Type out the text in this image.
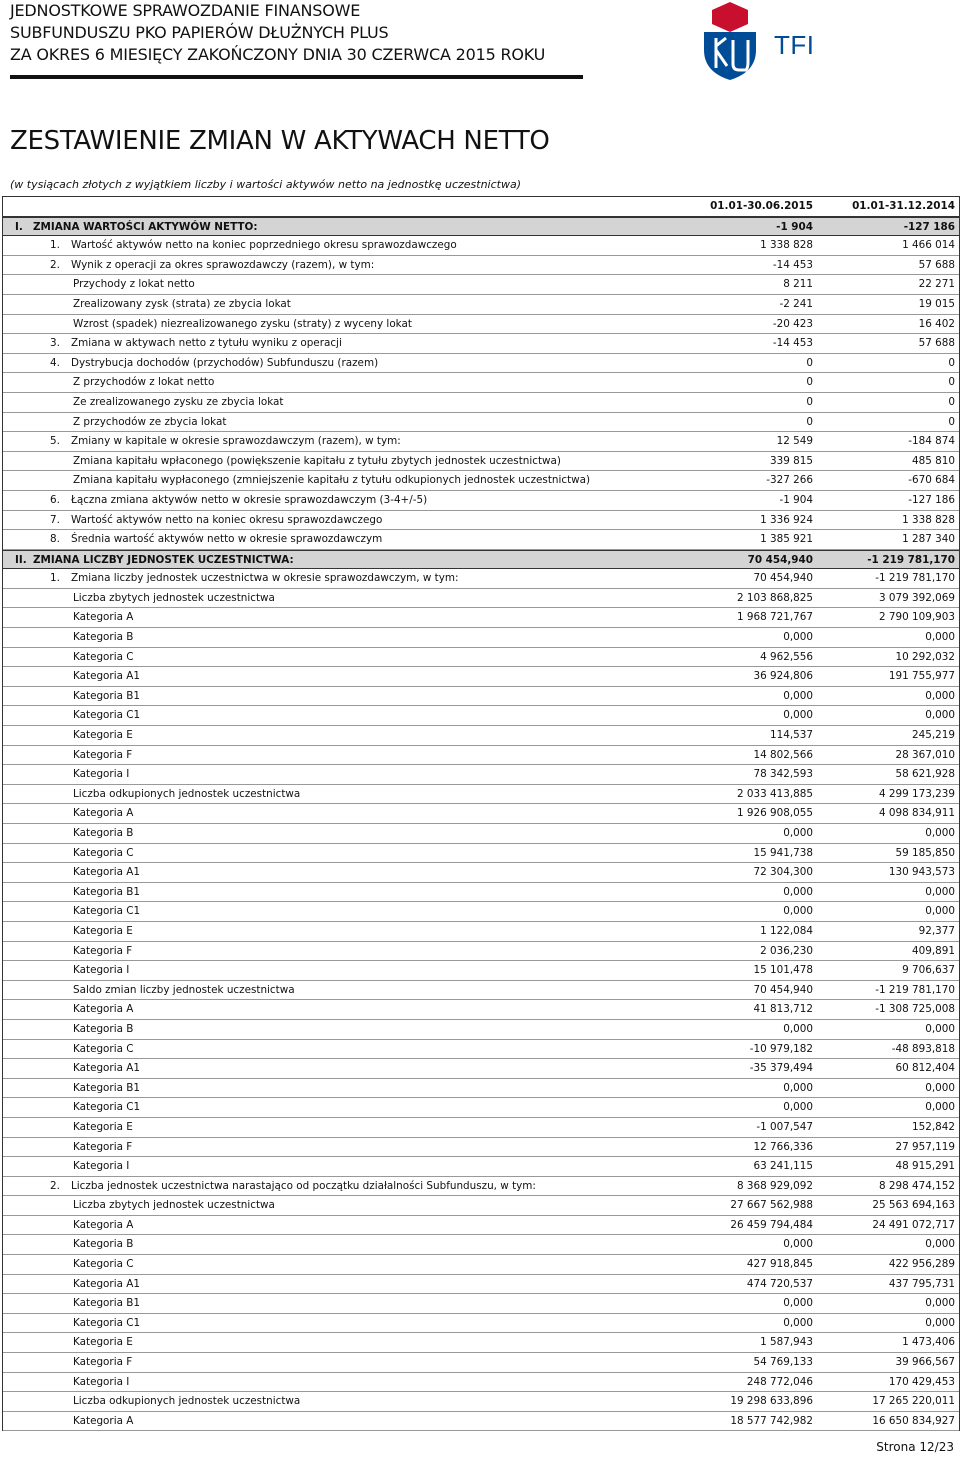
JEDNOSTKOWE SPRAWOZDANIE FINANSOWE
SUBFUNDUSZU PKO PAPIERÓW DŁUŻNYCH PLUS
ZA OKRES 6 MIESIĘCY ZAKOŃCZONY DNIA 30 CZERWCA 2015 ROKU	TFI
ZESTAWIENIE ZMIAN W AKTYWACH NETTO
(w tysiącach złotych z wyjątkiem liczby i wartości aktywów netto na jednostkę uczestnictwa)
01.01-30.06.2015	01.01-31.12.2014
I. ZMIANA WARTOŚCI AKTYWÓW NETTO:	-1 904	-127 186
1. Wartość aktywów netto na koniec poprzedniego okresu sprawozdawczego	1 338 828	1 466 014
2. Wynik z operacji za okres sprawozdawczy (razem), w tym:	-14 453	57 688
Przychody z lokat netto	8 211	22 271
Zrealizowany zysk (strata) ze zbycia lokat	-2 241	19 015
Wzrost (spadek) niezrealizowanego zysku (straty) z wyceny lokat	-20 423	16 402
3. Zmiana w aktywach netto z tytułu wyniku z operacji	-14 453	57 688
4. Dystrybucja dochodów (przychodów) Subfunduszu (razem)	0	0
Z przychodów z lokat netto	0	0
Ze zrealizowanego zysku ze zbycia lokat	0	0
Z przychodów ze zbycia lokat	0	0
5. Zmiany w kapitale w okresie sprawozdawczym (razem), w tym:	12 549	-184 874
Zmiana kapitału wpłaconego (powiększenie kapitału z tytułu zbytych jednostek uczestnictwa)	339 815	485 810
Zmiana kapitału wypłaconego (zmniejszenie kapitału z tytułu odkupionych jednostek uczestnictwa)	-327 266	-670 684
6. Łączna zmiana aktywów netto w okresie sprawozdawczym (3-4+/-5)	-1 904	-127 186
7. Wartość aktywów netto na koniec okresu sprawozdawczego	1 336 924	1 338 828
8. Średnia wartość aktywów netto w okresie sprawozdawczym	1 385 921	1 287 340
II. ZMIANA LICZBY JEDNOSTEK UCZESTNICTWA:	70 454,940	-1 219 781,170
1. Zmiana liczby jednostek uczestnictwa w okresie sprawozdawczym, w tym:	70 454,940	-1 219 781,170
Liczba zbytych jednostek uczestnictwa	2 103 868,825	3 079 392,069
Kategoria A	1 968 721,767	2 790 109,903
Kategoria B	0,000	0,000
Kategoria C	4 962,556	10 292,032
Kategoria A1	36 924,806	191 755,977
Kategoria B1	0,000	0,000
Kategoria C1	0,000	0,000
Kategoria E	114,537	245,219
Kategoria F	14 802,566	28 367,010
Kategoria I	78 342,593	58 621,928
Liczba odkupionych jednostek uczestnictwa	2 033 413,885	4 299 173,239
Kategoria A	1 926 908,055	4 098 834,911
Kategoria B	0,000	0,000
Kategoria C	15 941,738	59 185,850
Kategoria A1	72 304,300	130 943,573
Kategoria B1	0,000	0,000
Kategoria C1	0,000	0,000
Kategoria E	1 122,084	92,377
Kategoria F	2 036,230	409,891
Kategoria I	15 101,478	9 706,637
Saldo zmian liczby jednostek uczestnictwa	70 454,940	-1 219 781,170
Kategoria A	41 813,712	-1 308 725,008
Kategoria B	0,000	0,000
Kategoria C	-10 979,182	-48 893,818
Kategoria A1	-35 379,494	60 812,404
Kategoria B1	0,000	0,000
Kategoria C1	0,000	0,000
Kategoria E	-1 007,547	152,842
Kategoria F	12 766,336	27 957,119
Kategoria I	63 241,115	48 915,291
2. Liczba jednostek uczestnictwa narastająco od początku działalności Subfunduszu, w tym:	8 368 929,092	8 298 474,152
Liczba zbytych jednostek uczestnictwa	27 667 562,988	25 563 694,163
Kategoria A	26 459 794,484	24 491 072,717
Kategoria B	0,000	0,000
Kategoria C	427 918,845	422 956,289
Kategoria A1	474 720,537	437 795,731
Kategoria B1	0,000	0,000
Kategoria C1	0,000	0,000
Kategoria E	1 587,943	1 473,406
Kategoria F	54 769,133	39 966,567
Kategoria I	248 772,046	170 429,453
Liczba odkupionych jednostek uczestnictwa	19 298 633,896	17 265 220,011
Kategoria A	18 577 742,982	16 650 834,927
Strona 12/23
